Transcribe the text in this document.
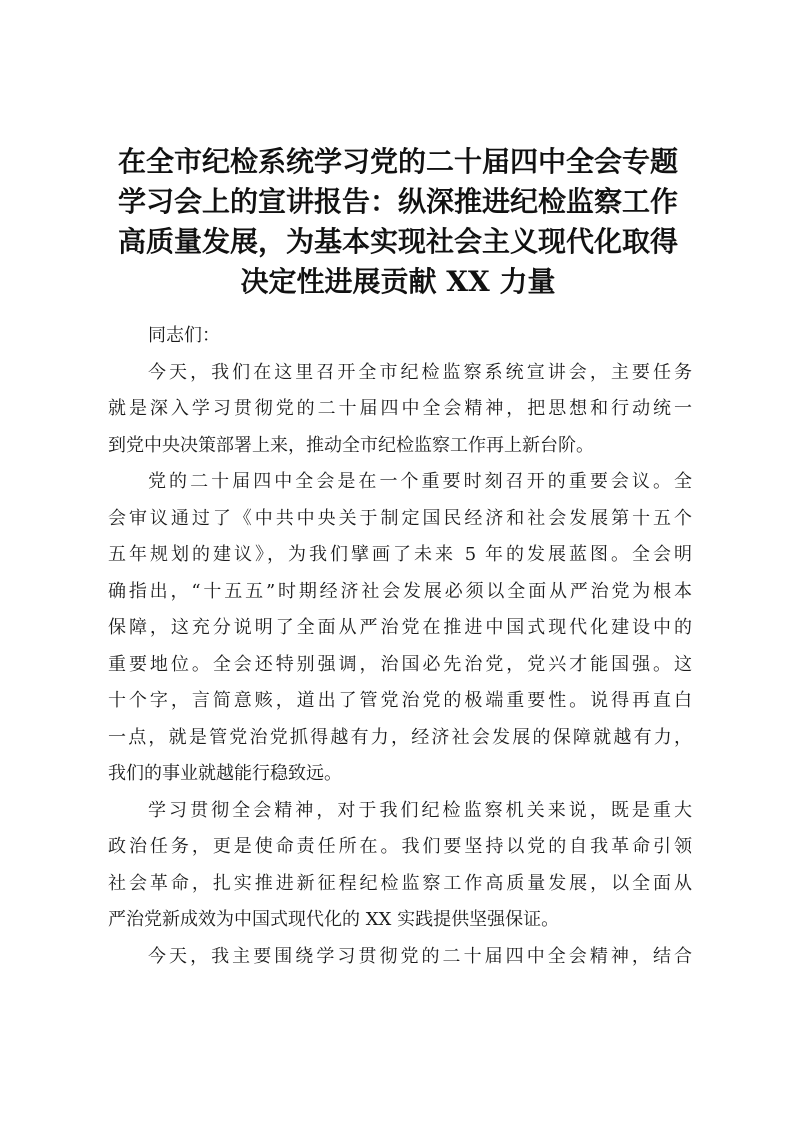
在全市纪检系统学习党的二十届四中全会专题
学习会上的宣讲报告：纵深推进纪检监察工作
高质量发展，为基本实现社会主义现代化取得
决定性进展贡献 XX 力量

同志们：

今天，我们在这里召开全市纪检监察系统宣讲会，主要任务
就是深入学习贯彻党的二十届四中全会精神，把思想和行动统一
到党中央决策部署上来，推动全市纪检监察工作再上新台阶。

党的二十届四中全会是在一个重要时刻召开的重要会议。全
会审议通过了《中共中央关于制定国民经济和社会发展第十五个
五年规划的建议》，为我们擘画了未来 5 年的发展蓝图。全会明
确指出，“十五五”时期经济社会发展必须以全面从严治党为根本
保障，这充分说明了全面从严治党在推进中国式现代化建设中的
重要地位。全会还特别强调，治国必先治党，党兴才能国强。这
十个字，言简意赅，道出了管党治党的极端重要性。说得再直白
一点，就是管党治党抓得越有力，经济社会发展的保障就越有力，
我们的事业就越能行稳致远。

学习贯彻全会精神，对于我们纪检监察机关来说，既是重大
政治任务，更是使命责任所在。我们要坚持以党的自我革命引领
社会革命，扎实推进新征程纪检监察工作高质量发展，以全面从
严治党新成效为中国式现代化的 XX 实践提供坚强保证。

今天，我主要围绕学习贯彻党的二十届四中全会精神，结合
